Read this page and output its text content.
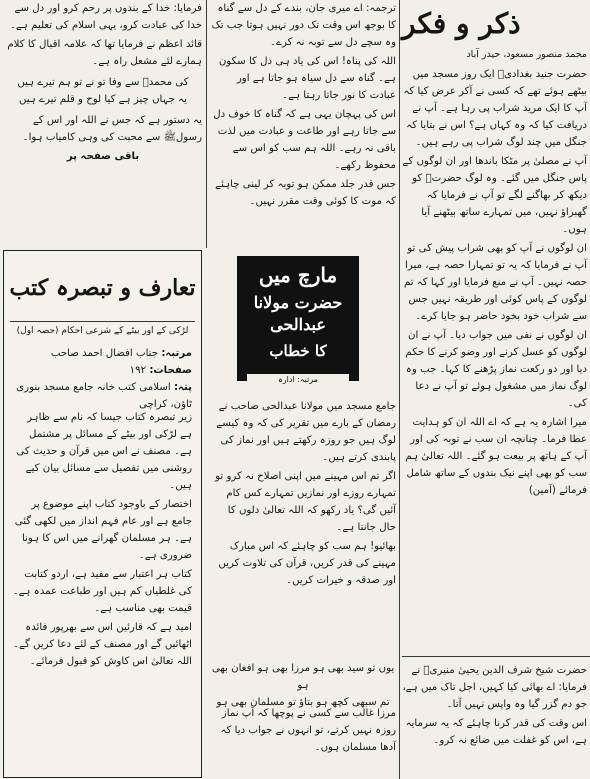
ذکر و فکر
محمد منصور مسعود، حیدر آباد

حضرت جنید بغدادیؒ ایک روز مسجد میں بیٹھے ہوئے تھے کہ کسی نے آکر عرض کیا کہ آپ کا ایک مرید شراب پی رہا ہے۔ آپ نے دریافت کیا کہ وہ کہاں ہے؟ اس نے بتایا کہ جنگل میں چند لوگ شراب پی رہے ہیں۔

آپ نے مصلیٰ پر مٹکا باندھا اور ان لوگوں کے پاس جنگل میں گئے۔ وہ لوگ حضرتؒ کو دیکھ کر بھاگنے لگے تو آپ نے فرمایا کہ گھبراؤ نہیں، میں تمہارے ساتھ بیٹھنے آیا ہوں۔

ان لوگوں نے آپ کو بھی شراب پیش کی تو آپ نے فرمایا کہ یہ تو تمہارا حصہ ہے، میرا حصہ نہیں۔ آپ نے منع فرمایا اور کہا کہ تم لوگوں کے پاس کوئی اور طریقہ نہیں جس سے شراب خود بخود حاضر ہو جایا کرے۔

ان لوگوں نے نفی میں جواب دیا۔ آپ نے ان لوگوں کو عسل کرنے اور وضو کرنے کا حکم دیا اور دو رکعت نماز پڑھنے کا کہا۔ جب وہ لوگ نماز میں مشغول ہوئے تو آپ نے دعا کی۔

میرا اشارہ یہ ہے کہ اے اللہ ان کو ہدایت عطا فرما۔ چنانچہ ان سب نے توبہ کی اور آپ کے ہاتھ پر بیعت ہو گئے۔ اللہ تعالیٰ ہم سب کو بھی اپنے نیک بندوں کے ساتھ شامل فرمائے (آمین)

حضرت شیخ شرف الدین یحییٰ منیریؒ نے فرمایا: اے بھائی کیا کہیں، اجل تاک میں ہے، جو دم گزر گیا وہ واپس نہیں آتا۔

اس وقت کی قدر کرنا چاہئے کہ یہ سرمایہ ہے، اس کو غفلت میں ضائع نہ کرو۔

ترجمہ: اے میری جان، بندے کے دل سے گناہ کا بوجھ اس وقت تک دور نہیں ہوتا جب تک وہ سچے دل سے توبہ نہ کرے۔

اللہ کی پناہ! اس کی یاد ہی دل کا سکون ہے۔ گناہ سے دل سیاہ ہو جاتا ہے اور عبادت کا نور جاتا رہتا ہے۔

اس کی پہچان یہی ہے کہ گناہ کا خوف دل سے جاتا رہے اور طاعت و عبادت میں لذت باقی نہ رہے۔ اللہ ہم سب کو اس سے محفوظ رکھے۔

جس قدر جلد ممکن ہو توبہ کر لینی چاہئے کہ موت کا کوئی وقت مقرر نہیں۔

مارچ میں
حضرت مولانا عبدالحی
کا خطاب
مرتبہ: ادارہ

جامع مسجد میں مولانا عبدالحی صاحب نے رمضان کے بارے میں تقریر کی کہ وہ کیسے لوگ ہیں جو روزہ رکھتے ہیں اور نماز کی پابندی کرتے ہیں۔

اگر تم اس مہینے میں اپنی اصلاح نہ کرو تو تمہارے روزے اور نمازیں تمہارے کس کام آئیں گی؟ یاد رکھو کہ اللہ تعالیٰ دلوں کا حال جانتا ہے۔

بھائیو! ہم سب کو چاہئے کہ اس مبارک مہینے کی قدر کریں، قرآن کی تلاوت کریں اور صدقہ و خیرات کریں۔

یوں تو سید بھی ہو مرزا بھی ہو افغان بھی ہو
تم سبھی کچھ ہو بتاؤ تو مسلمان بھی ہو

مرزا غالب سے کسی نے پوچھا کہ آپ نماز روزہ نہیں کرتے، تو انہوں نے جواب دیا کہ آدھا مسلمان ہوں۔

فرمایا: خدا کے بندوں پر رحم کرو اور دل سے خدا کی عبادت کرو، یہی اسلام کی تعلیم ہے۔

قائد اعظم نے فرمایا تھا کہ علامہ اقبال کا کلام ہمارے لئے مشعل راہ ہے۔

کی محمدؐ سے وفا تو نے تو ہم تیرے ہیں
یہ جہاں چیز ہے کیا لوح و قلم تیرے ہیں

یہ دستور ہے کہ جس نے اللہ اور اس کے رسولﷺ سے محبت کی وہی کامیاب ہوا۔

باقی صفحہ پر
تعارف و تبصرہ کتب
لڑکی کے اور بیٹے کے شرعی احکام (حصہ اول)
مرتبہ: جناب افضال احمد صاحب
صفحات: ۱۹۲
پتہ: اسلامی کتب خانہ جامع مسجد بنوری ٹاؤن، کراچی

زیر تبصرہ کتاب جیسا کہ نام سے ظاہر ہے لڑکی اور بیٹے کے مسائل پر مشتمل ہے۔ مصنف نے اس میں قرآن و حدیث کی روشنی میں تفصیل سے مسائل بیان کیے ہیں۔

اختصار کے باوجود کتاب اپنے موضوع پر جامع ہے اور عام فہم انداز میں لکھی گئی ہے۔ ہر مسلمان گھرانے میں اس کا ہونا ضروری ہے۔

کتاب ہر اعتبار سے مفید ہے، اردو کتابت کی غلطیاں کم ہیں اور طباعت عمدہ ہے۔ قیمت بھی مناسب ہے۔

امید ہے کہ قارئین اس سے بھرپور فائدہ اٹھائیں گے اور مصنف کے لئے دعا کریں گے۔ اللہ تعالیٰ اس کاوش کو قبول فرمائے۔
